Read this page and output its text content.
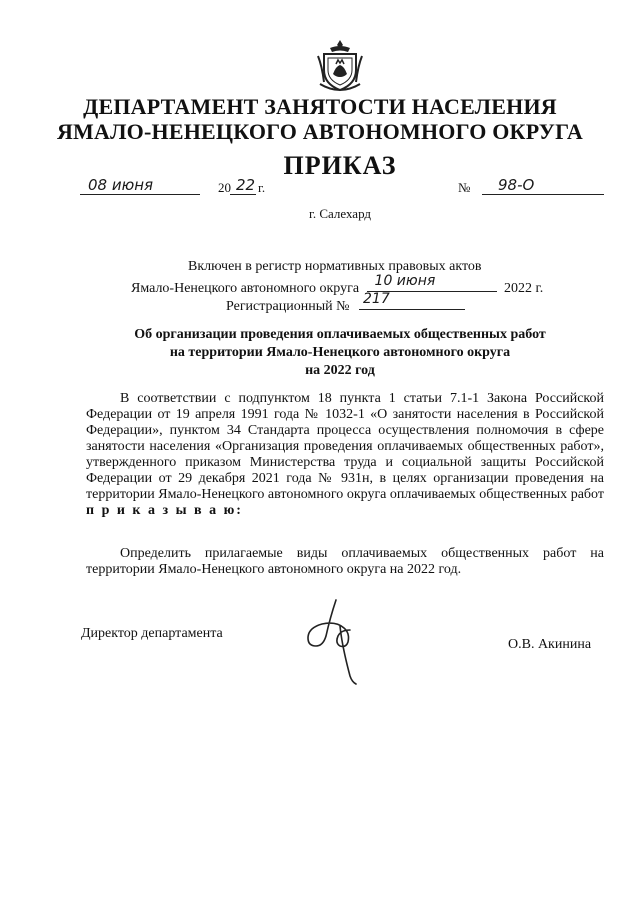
ДЕПАРТАМЕНТ ЗАНЯТОСТИ НАСЕЛЕНИЯ
ЯМАЛО-НЕНЕЦКОГО АВТОНОМНОГО ОКРУГА
ПРИКАЗ
08 июня	20 22 г.	№ 98-О
г. Салехард
Включен в регистр нормативных правовых актов
Ямало-Ненецкого автономного округа 10 июня	2022 г.
Регистрационный № 217
Об организации проведения оплачиваемых общественных работ
на территории Ямало-Ненецкого автономного округа
на 2022 год
В соответствии с подпунктом 18 пункта 1 статьи 7.1-1 Закона Российской Федерации от 19 апреля 1991 года № 1032-1 «О занятости населения в Российской Федерации», пунктом 34 Стандарта процесса осуществления полномочия в сфере занятости населения «Организация проведения оплачиваемых общественных работ», утвержденного приказом Министерства труда и социальной защиты Российской Федерации от 29 декабря 2021 года № 931н, в целях организации проведения на территории Ямало-Ненецкого автономного округа оплачиваемых общественных работ п р и к а з ы в а ю:
Определить прилагаемые виды оплачиваемых общественных работ на территории Ямало-Ненецкого автономного округа на 2022 год.
Директор департамента
О.В. Акинина
